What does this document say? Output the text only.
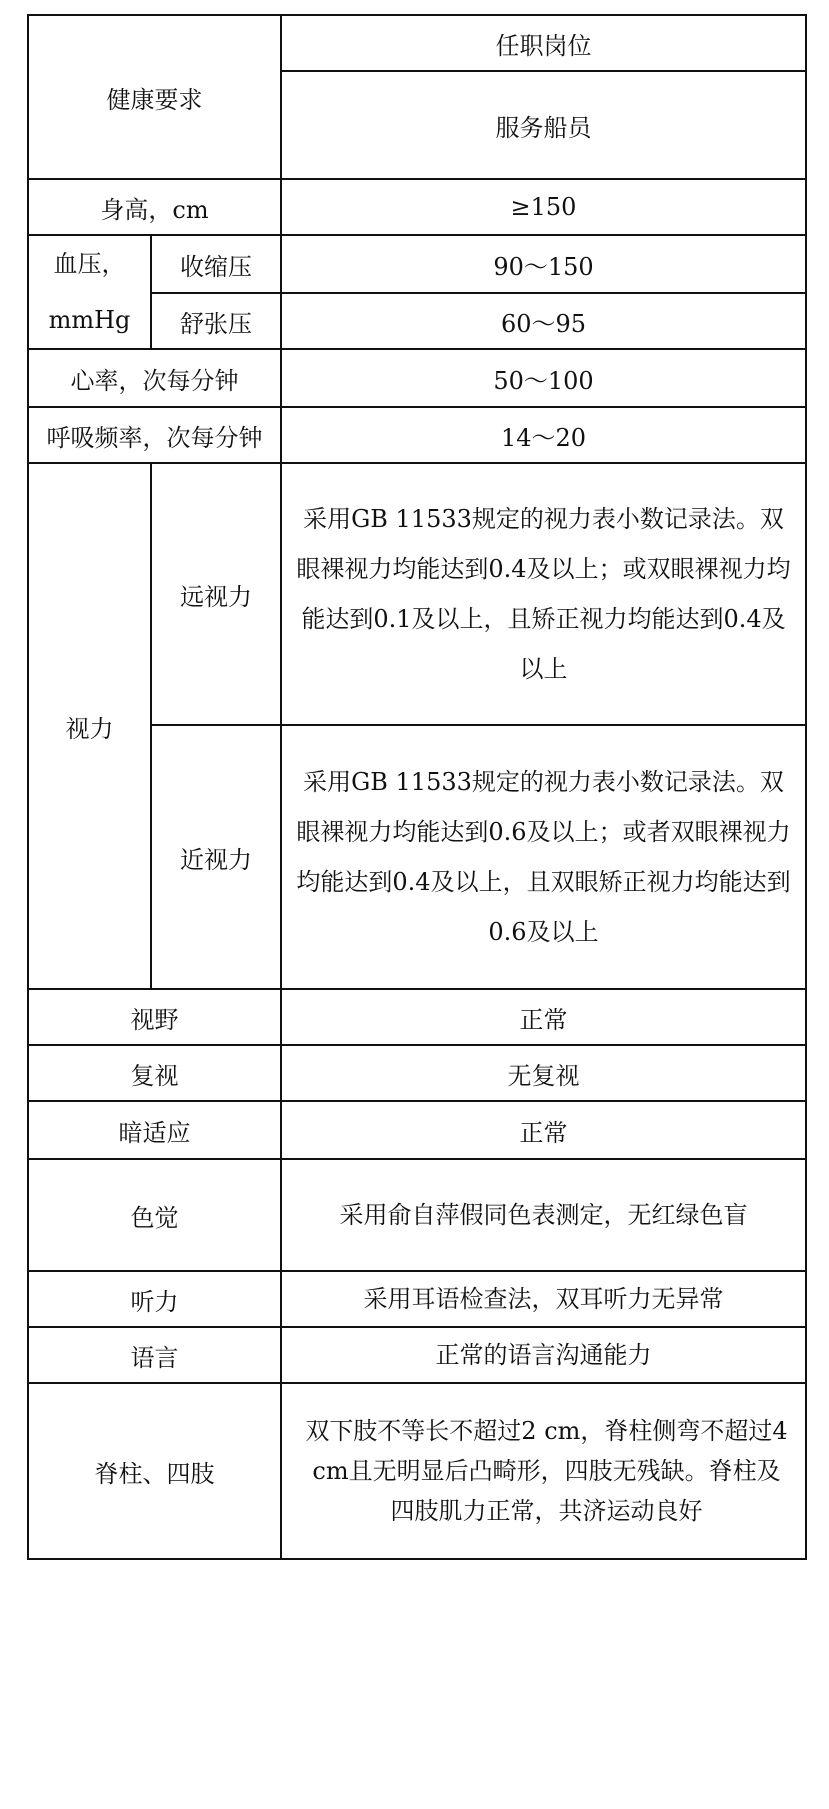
健康要求		任职岗位
		服务船员
身高，cm		≥150
血压，
mmHg	收缩压	90～150
	舒张压	60～95
心率，次每分钟		50～100
呼吸频率，次每分钟		14～20
视力	远视力	采用GB 11533规定的视力表小数记录法。双眼裸视力均能达到0.4及以上；或双眼裸视力均能达到0.1及以上，且矫正视力均能达到0.4及以上
	近视力	采用GB 11533规定的视力表小数记录法。双眼裸视力均能达到0.6及以上；或者双眼裸视力均能达到0.4及以上，且双眼矫正视力均能达到0.6及以上
视野		正常
复视		无复视
暗适应		正常
色觉		采用俞自萍假同色表测定，无红绿色盲
听力		采用耳语检查法，双耳听力无异常
语言		正常的语言沟通能力
脊柱、四肢		双下肢不等长不超过2 cm，脊柱侧弯不超过4 cm且无明显后凸畸形，四肢无残缺。脊柱及四肢肌力正常，共济运动良好
